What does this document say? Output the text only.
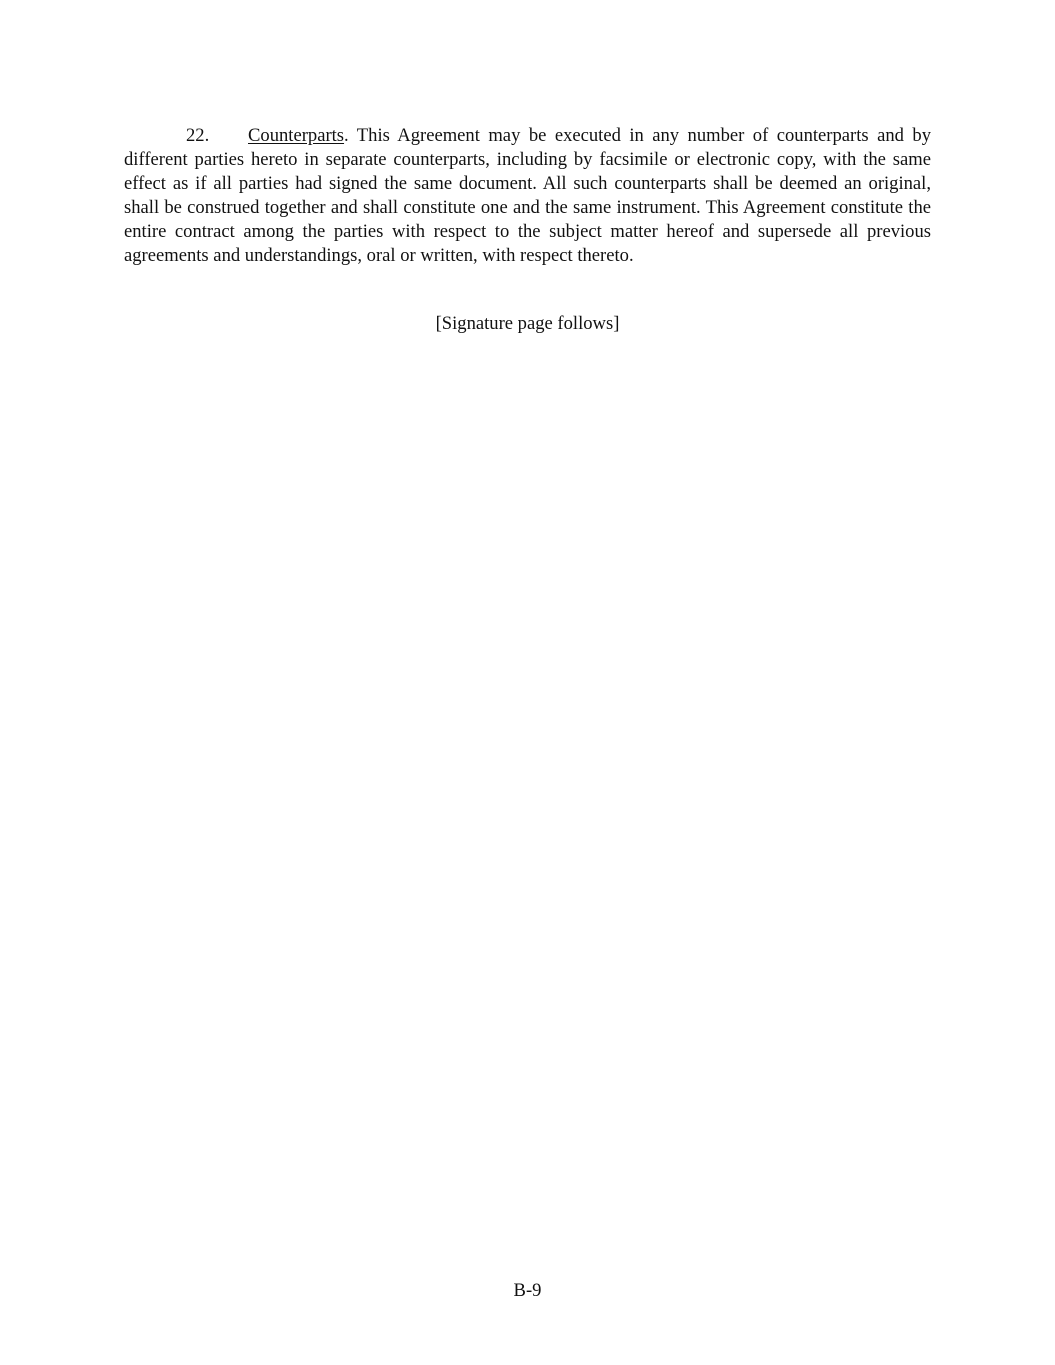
22. Counterparts. This Agreement may be executed in any number of counterparts and by different parties hereto in separate counterparts, including by facsimile or electronic copy, with the same effect as if all parties had signed the same document. All such counterparts shall be deemed an original, shall be construed together and shall constitute one and the same instrument. This Agreement constitute the entire contract among the parties with respect to the subject matter hereof and supersede all previous agreements and understandings, oral or written, with respect thereto.

[Signature page follows]
B-9
